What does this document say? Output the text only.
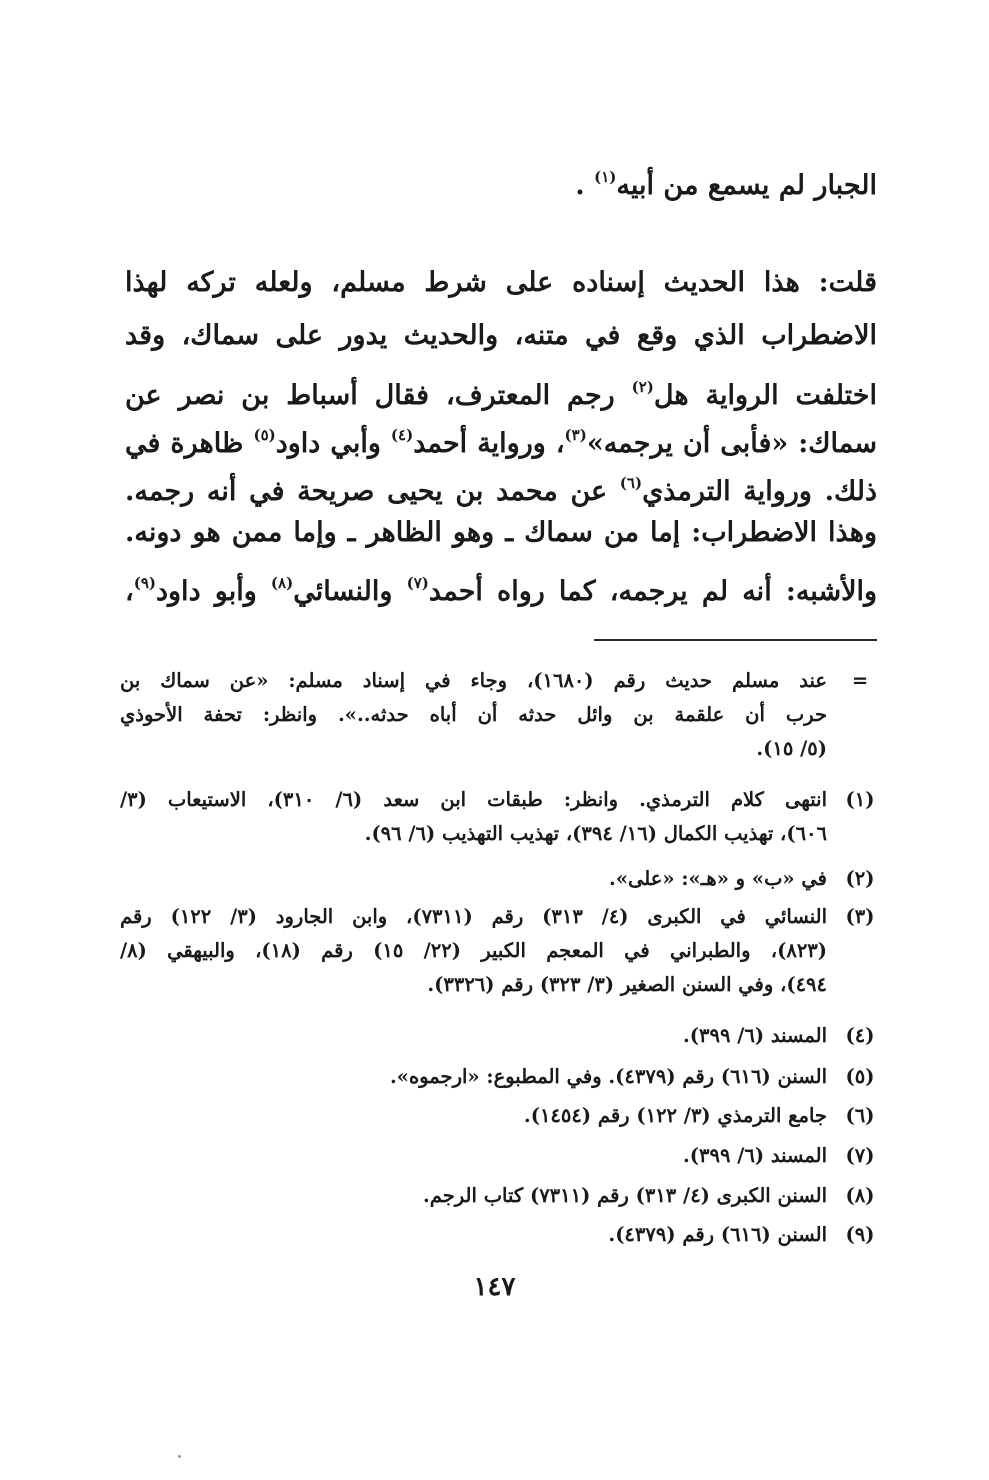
الجبار لم يسمع من أبيه$^{(١)}$ .
قلت: هذا الحديث إسناده على شرط مسلم، ولعله تركه لهذا
الاضطراب الذي وقع في متنه، والحديث يدور على سماك، وقد
اختلفت الرواية هل$^{(٢)}$ رجم المعترف، فقال أسباط بن نصر عن
سماك: «فأبى أن يرجمه»$^{(٣)}$، ورواية أحمد$^{(٤)}$ وأبي داود$^{(٥)}$ ظاهرة في
ذلك. ورواية الترمذي$^{(٦)}$ عن محمد بن يحيى صريحة في أنه رجمه.
وهذا الاضطراب: إما من سماك ـ وهو الظاهر ـ وإما ممن هو دونه.
والأشبه: أنه لم يرجمه، كما رواه أحمد$^{(٧)}$ والنسائي$^{(٨)}$ وأبو داود$^{(٩)}$،
=
عند مسلم حديث رقم (١٦٨٠)، وجاء في إسناد مسلم: «عن سماك بن
حرب أن علقمة بن وائل حدثه أن أباه حدثه..». وانظر: تحفة الأحوذي
(٥/ ١٥).
(١)
انتهى كلام الترمذي. وانظر: طبقات ابن سعد (٦/ ٣١٠)، الاستيعاب (٣/
٦٠٦)، تهذيب الكمال (١٦/ ٣٩٤)، تهذيب التهذيب (٦/ ٩٦).
(٢)
في «ب» و «هـ»: «على».
(٣)
النسائي في الكبرى (٤/ ٣١٣) رقم (٧٣١١)، وابن الجارود (٣/ ١٢٢) رقم
(٨٢٣)، والطبراني في المعجم الكبير (٢٢/ ١٥) رقم (١٨)، والبيهقي (٨/
٤٩٤)، وفي السنن الصغير (٣/ ٣٢٣) رقم (٣٣٢٦).
(٤)
المسند (٦/ ٣٩٩).
(٥)
السنن (٦١٦) رقم (٤٣٧٩). وفي المطبوع: «ارجموه».
(٦)
جامع الترمذي (٣/ ١٢٢) رقم (١٤٥٤).
(٧)
المسند (٦/ ٣٩٩).
(٨)
السنن الكبرى (٤/ ٣١٣) رقم (٧٣١١) كتاب الرجم.
(٩)
السنن (٦١٦) رقم (٤٣٧٩).
١٤٧
